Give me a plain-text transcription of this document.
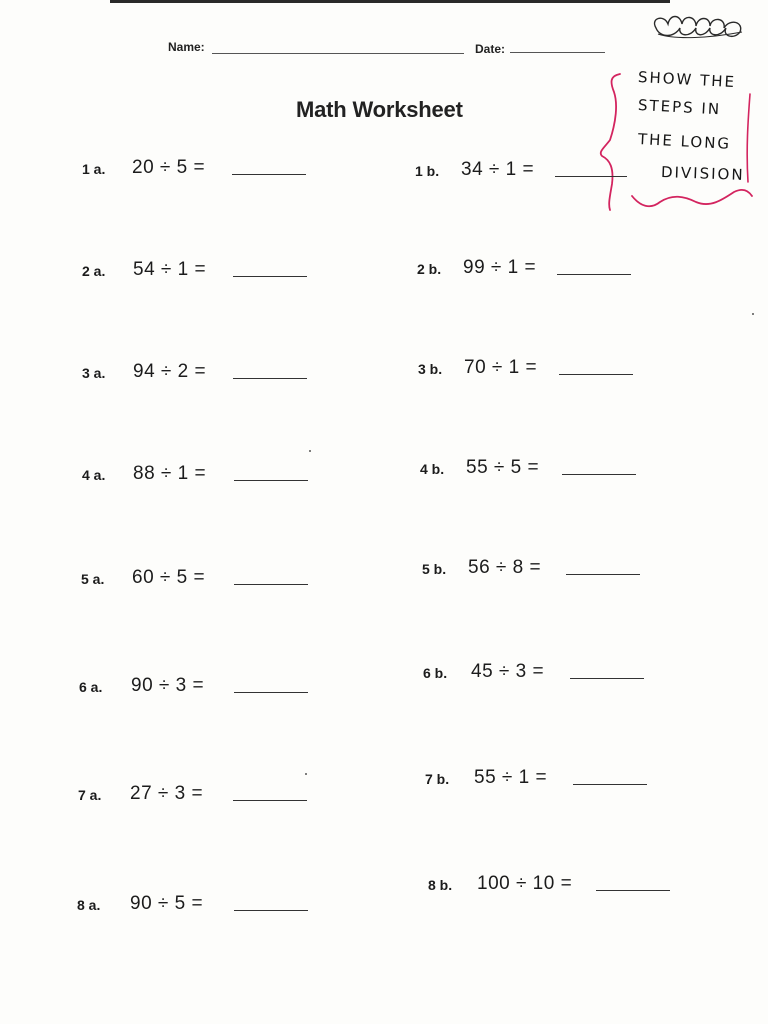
Name:	Date:
Math Worksheet
SHOW THE
STEPS IN
THE LONG
DIVISION
1 a. 20 ÷ 5 =
2 a. 54 ÷ 1 =
3 a. 94 ÷ 2 =
4 a. 88 ÷ 1 =
5 a. 60 ÷ 5 =
6 a. 90 ÷ 3 =
7 a. 27 ÷ 3 =
8 a. 90 ÷ 5 =
1 b. 34 ÷ 1 =
2 b. 99 ÷ 1 =
3 b. 70 ÷ 1 =
4 b. 55 ÷ 5 =
5 b. 56 ÷ 8 =
6 b. 45 ÷ 3 =
7 b. 55 ÷ 1 =
8 b. 100 ÷ 10 =
